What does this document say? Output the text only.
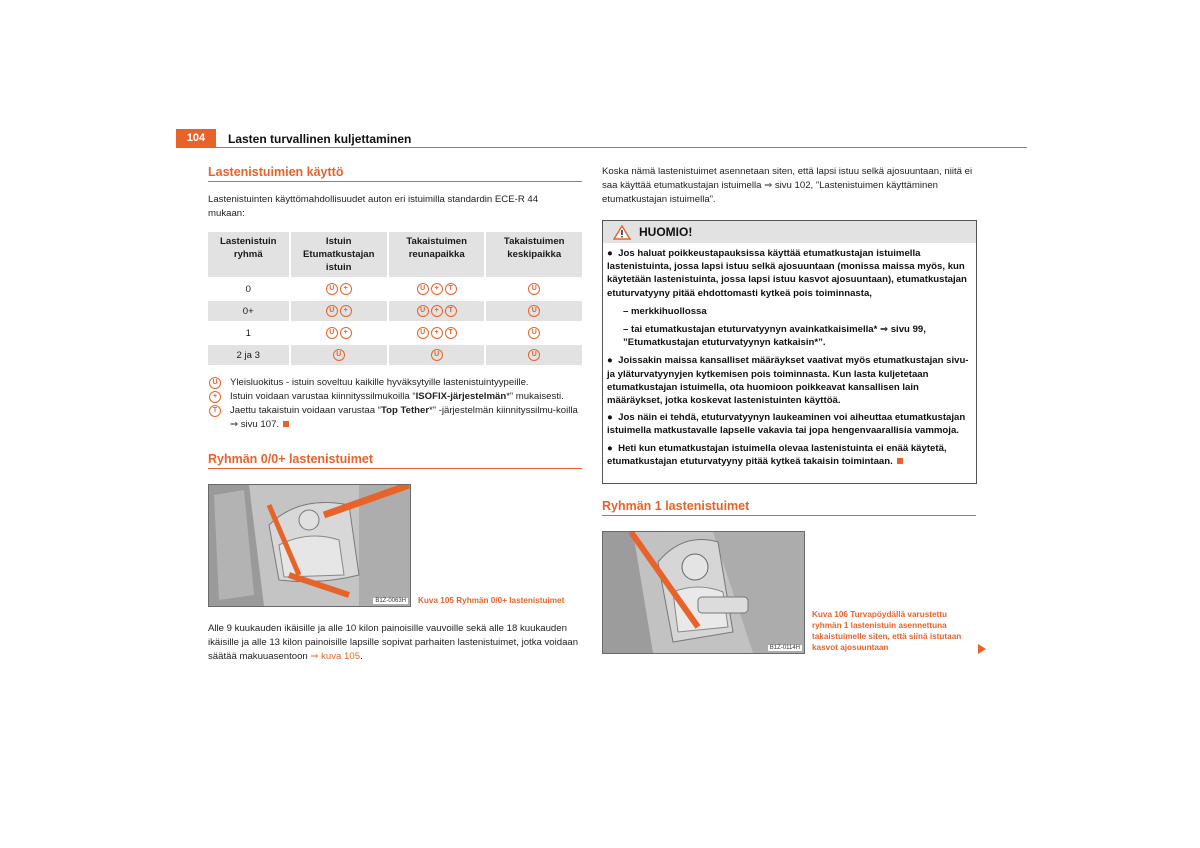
104	Lasten turvallinen kuljettaminen
Lastenistuimien käyttö
Lastenistuinten käyttömahdollisuudet auton eri istuimilla standardin ECE-R 44 mukaan:
Lastenistuin ryhmä	Istuin Etumatkustajan istuin	Takaistuimen reunapaikka	Takaistuimen keskipaikka
0	U +	U + T	U
0+	U +	U + T	U
1	U +	U + T	U
2 ja 3	U	U	U
U	Yleisluokitus - istuin soveltuu kaikille hyväksytyille lastenistuintyypeille.
+	Istuin voidaan varustaa kiinnityssilmukoilla “ISOFIX-järjestelmän*” mukaisesti.
T	Jaettu takaistuin voidaan varustaa “Top Tether*” -järjestelmän kiinnityssilmu-koilla ⇒ sivu 107.
Ryhmän 0/0+ lastenistuimet
B1Z-0063H Kuva 105 Ryhmän 0/0+ lastenistuimet
Alle 9 kuukauden ikäisille ja alle 10 kilon painoisille vauvoille sekä alle 18 kuukauden ikäisille ja alle 13 kilon painoisille lapsille sopivat parhaiten lastenistuimet, jotka voidaan säätää makuuasentoon ⇒ kuva 105.
Koska nämä lastenistuimet asennetaan siten, että lapsi istuu selkä ajosuuntaan, niitä ei saa käyttää etumatkustajan istuimella ⇒ sivu 102, ”Lastenistuimen käyttäminen etumatkustajan istuimella”.
HUOMIO!

●  Jos haluat poikkeustapauksissa käyttää etumatkustajan istuimella lastenistuinta, jossa lapsi istuu selkä ajosuuntaan (monissa maissa myös, kun käytetään lastenistuinta, jossa lapsi istuu kasvot ajosuuntaan), etumatkustajan etuturvatyyny pitää ehdottomasti kytkeä pois toiminnasta,

– merkkihuollossa

– tai etumatkustajan etuturvatyynyn avainkatkaisimella* ⇒ sivu 99, ”Etumatkustajan etuturvatyynyn katkaisin*”.

●  Joissakin maissa kansalliset määräykset vaativat myös etumatkustajan sivu- ja yläturvatyynyjen kytkemisen pois toiminnasta. Kun lasta kuljetetaan etumatkustajan istuimella, ota huomioon poikkeavat kansallisen lain määräykset, jotka koskevat lastenistuinten käyttöä.

●  Jos näin ei tehdä, etuturvatyynyn laukeaminen voi aiheuttaa etumatkustajan istuimella matkustavalle lapselle vakavia tai jopa hengenvaarallisia vammoja.

●  Heti kun etumatkustajan istuimella olevaa lastenistuinta ei enää käytetä, etumatkustajan etuturvatyyny pitää kytkeä takaisin toimintaan.

Ryhmän 1 lastenistuimet
B1Z-0114H
Kuva 106 Turvapöydällä varustettu ryhmän 1 lastenistuin asennettuna takaistuimelle siten, että siinä istutaan kasvot ajosuuntaan
